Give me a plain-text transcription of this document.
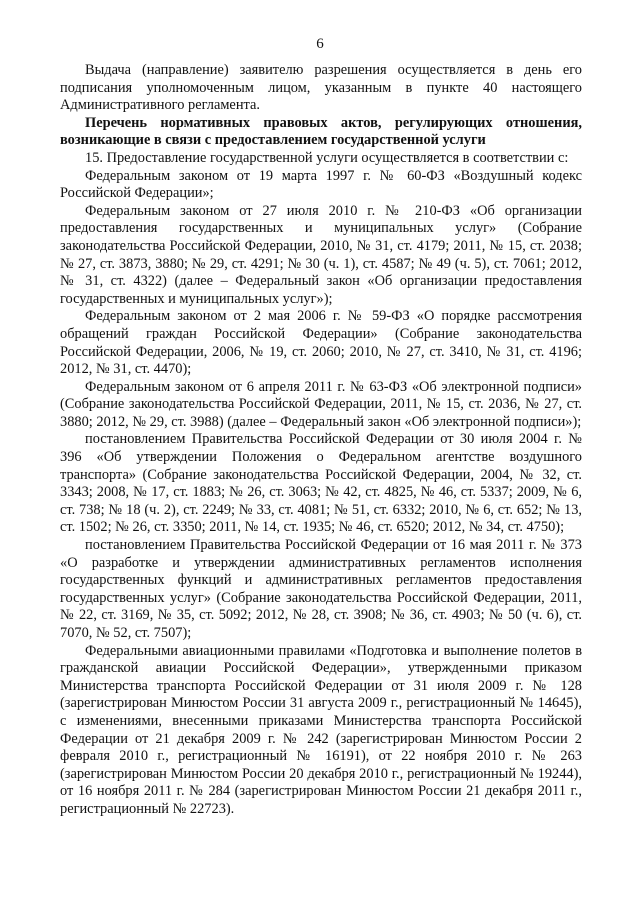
6

Выдача (направление) заявителю разрешения осуществляется в день его подписания уполномоченным лицом, указанным в пункте 40 настоящего Административного регламента.

Перечень нормативных правовых актов, регулирующих отношения, возникающие в связи с предоставлением государственной услуги

15. Предоставление государственной услуги осуществляется в соответствии с:

Федеральным законом от 19 марта 1997 г. № 60-ФЗ «Воздушный кодекс Российской Федерации»;

Федеральным законом от 27 июля 2010 г. № 210-ФЗ «Об организации предоставления государственных и муниципальных услуг» (Собрание законодательства Российской Федерации, 2010, № 31, ст. 4179; 2011, № 15, ст. 2038; № 27, ст. 3873, 3880; № 29, ст. 4291; № 30 (ч. 1), ст. 4587; № 49 (ч. 5), ст. 7061; 2012, № 31, ст. 4322) (далее – Федеральный закон «Об организации предоставления государственных и муниципальных услуг»);

Федеральным законом от 2 мая 2006 г. № 59-ФЗ «О порядке рассмотрения обращений граждан Российской Федерации» (Собрание законодательства Российской Федерации, 2006, № 19, ст. 2060; 2010, № 27, ст. 3410, № 31, ст. 4196; 2012, № 31, ст. 4470);

Федеральным законом от 6 апреля 2011 г. № 63-ФЗ «Об электронной подписи» (Собрание законодательства Российской Федерации, 2011, № 15, ст. 2036, № 27, ст. 3880; 2012, № 29, ст. 3988) (далее – Федеральный закон «Об электронной подписи»);

постановлением Правительства Российской Федерации от 30 июля 2004 г. № 396 «Об утверждении Положения о Федеральном агентстве воздушного транспорта» (Собрание законодательства Российской Федерации, 2004, № 32, ст. 3343; 2008, № 17, ст. 1883; № 26, ст. 3063; № 42, ст. 4825, № 46, ст. 5337; 2009, № 6, ст. 738; № 18 (ч. 2), ст. 2249; № 33, ст. 4081; № 51, ст. 6332; 2010, № 6, ст. 652; № 13, ст. 1502; № 26, ст. 3350; 2011, № 14, ст. 1935; № 46, ст. 6520; 2012, № 34, ст. 4750);

постановлением Правительства Российской Федерации от 16 мая 2011 г. № 373 «О разработке и утверждении административных регламентов исполнения государственных функций и административных регламентов предоставления государственных услуг» (Собрание законодательства Российской Федерации, 2011, № 22, ст. 3169, № 35, ст. 5092; 2012, № 28, ст. 3908; № 36, ст. 4903; № 50 (ч. 6), ст. 7070, № 52, ст. 7507);

Федеральными авиационными правилами «Подготовка и выполнение полетов в гражданской авиации Российской Федерации», утвержденными приказом Министерства транспорта Российской Федерации от 31 июля 2009 г. № 128 (зарегистрирован Минюстом России 31 августа 2009 г., регистрационный № 14645), с изменениями, внесенными приказами Министерства транспорта Российской Федерации от 21 декабря 2009 г. № 242 (зарегистрирован Минюстом России 2 февраля 2010 г., регистрационный № 16191), от 22 ноября 2010 г. № 263 (зарегистрирован Минюстом России 20 декабря 2010 г., регистрационный № 19244), от 16 ноября 2011 г. № 284 (зарегистрирован Минюстом России 21 декабря 2011 г., регистрационный № 22723).
